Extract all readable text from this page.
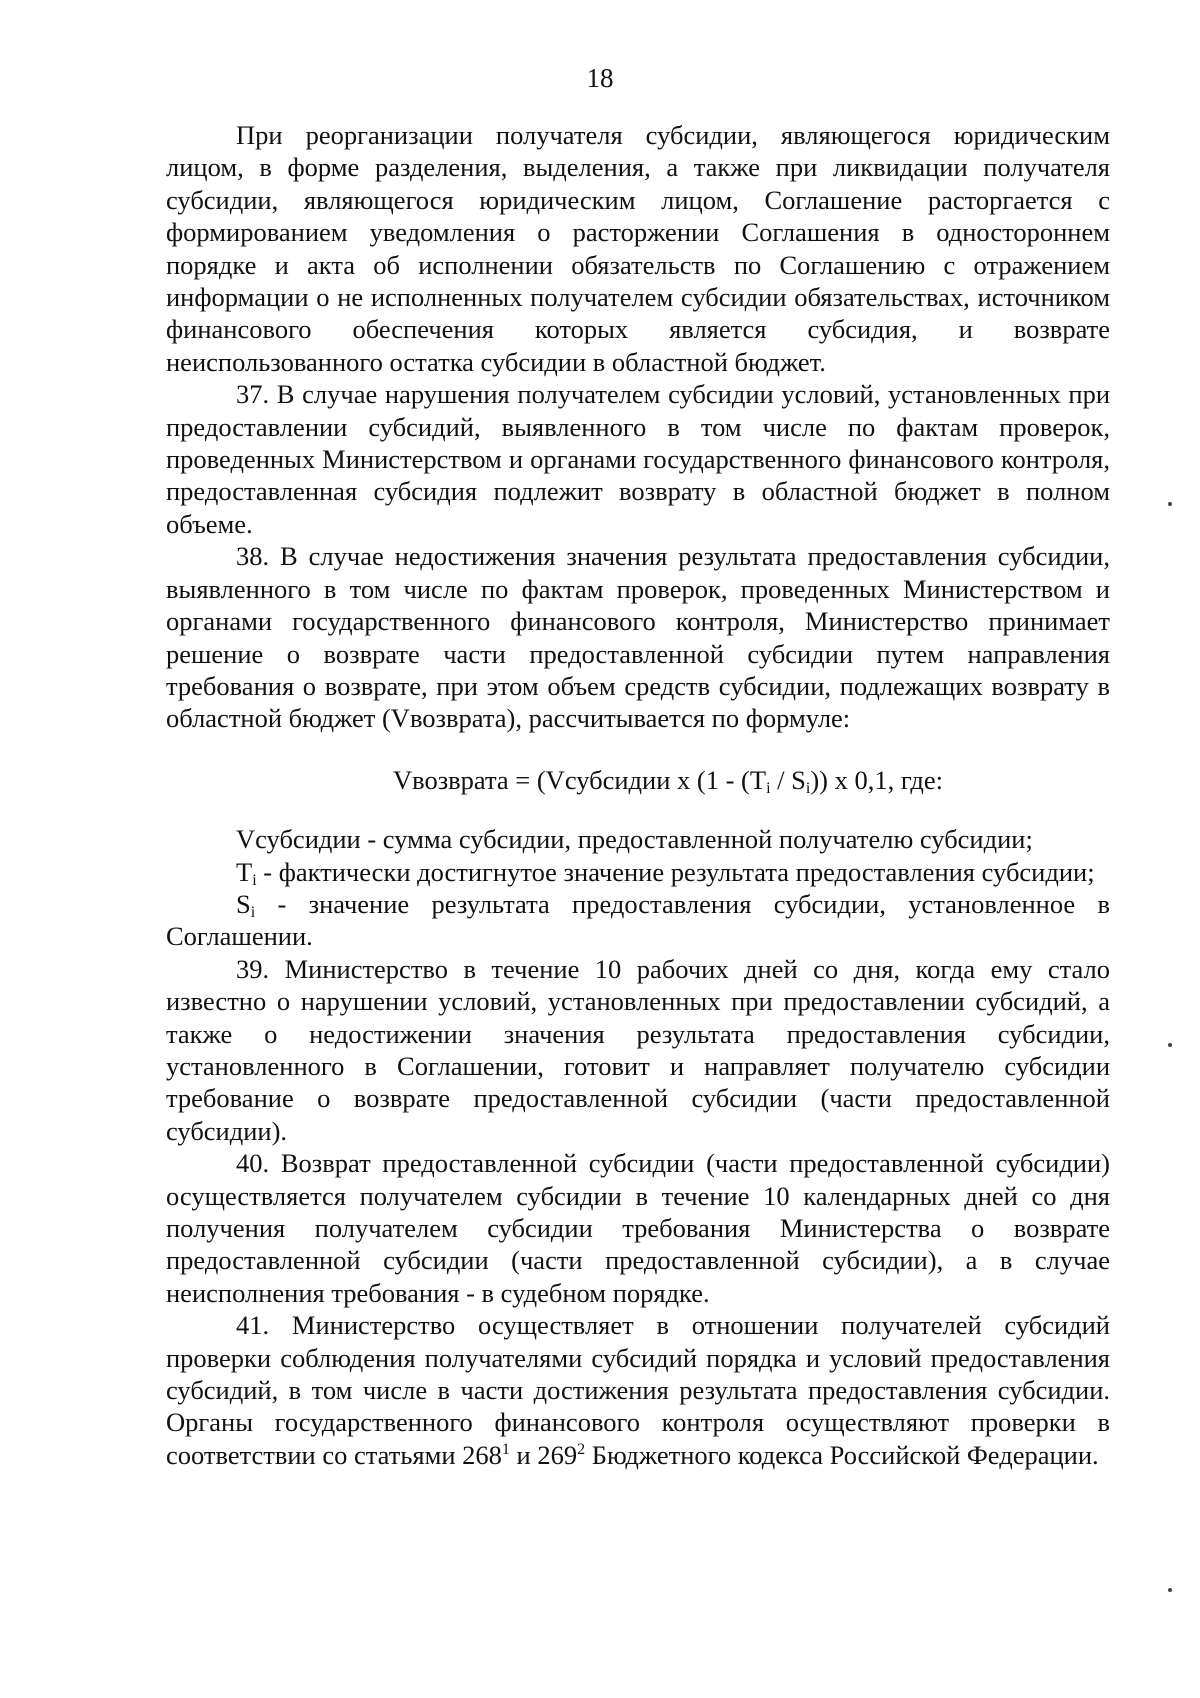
18

При реорганизации получателя субсидии, являющегося юридическим лицом, в форме разделения, выделения, а также при ликвидации получателя субсидии, являющегося юридическим лицом, Соглашение расторгается с формированием уведомления о расторжении Соглашения в одностороннем порядке и акта об исполнении обязательств по Соглашению с отражением информации о не исполненных получателем субсидии обязательствах, источником финансового обеспечения которых является субсидия, и возврате неиспользованного остатка субсидии в областной бюджет.

37. В случае нарушения получателем субсидии условий, установленных при предоставлении субсидий, выявленного в том числе по фактам проверок, проведенных Министерством и органами государственного финансового контроля, предоставленная субсидия подлежит возврату в областной бюджет в полном объеме.

38. В случае недостижения значения результата предоставления субсидии, выявленного в том числе по фактам проверок, проведенных Министерством и органами государственного финансового контроля, Министерство принимает решение о возврате части предоставленной субсидии путем направления требования о возврате, при этом объем средств субсидии, подлежащих возврату в областной бюджет (Vвозврата), рассчитывается по формуле:

Vвозврата = (Vсубсидии x $(1 - (T_i / S_i))$ x 0,1, где:

Vсубсидии - сумма субсидии, предоставленной получателю субсидии;

$T_i$ - фактически достигнутое значение результата предоставления субсидии;

$S_i$ - значение результата предоставления субсидии, установленное в Соглашении.

39. Министерство в течение 10 рабочих дней со дня, когда ему стало известно о нарушении условий, установленных при предоставлении субсидий, а также о недостижении значения результата предоставления субсидии, установленного в Соглашении, готовит и направляет получателю субсидии требование о возврате предоставленной субсидии (части предоставленной субсидии).

40. Возврат предоставленной субсидии (части предоставленной субсидии) осуществляется получателем субсидии в течение 10 календарных дней со дня получения получателем субсидии требования Министерства о возврате предоставленной субсидии (части предоставленной субсидии), а в случае неисполнения требования - в судебном порядке.

41. Министерство осуществляет в отношении получателей субсидий проверки соблюдения получателями субсидий порядка и условий предоставления субсидий, в том числе в части достижения результата предоставления субсидии. Органы государственного финансового контроля осуществляют проверки в соответствии со статьями $268^1$ и $269^2$ Бюджетного кодекса Российской Федерации.
